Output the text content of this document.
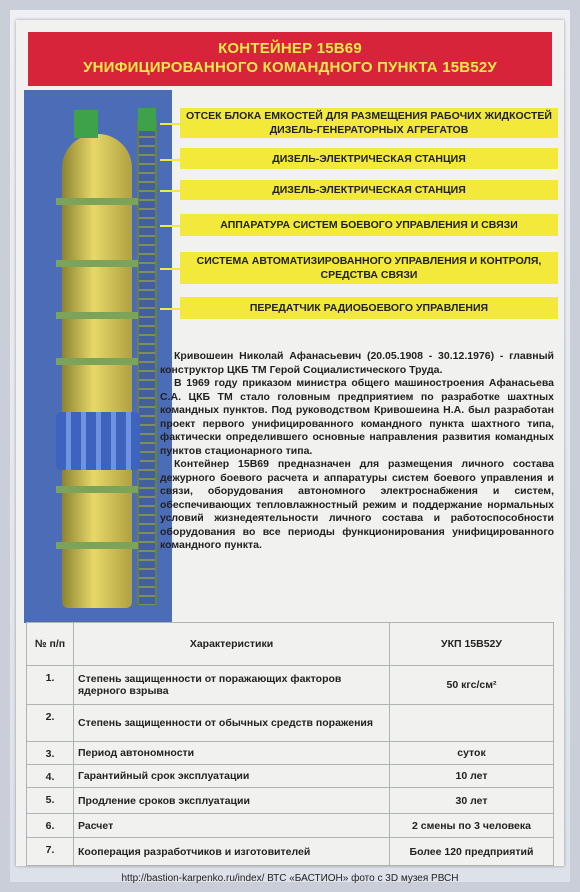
КОНТЕЙНЕР 15В69
УНИФИЦИРОВАННОГО КОМАНДНОГО ПУНКТА 15В52У
ОТСЕК БЛОКА ЕМКОСТЕЙ ДЛЯ РАЗМЕЩЕНИЯ РАБОЧИХ ЖИДКОСТЕЙ ДИЗЕЛЬ-ГЕНЕРАТОРНЫХ АГРЕГАТОВ
ДИЗЕЛЬ-ЭЛЕКТРИЧЕСКАЯ СТАНЦИЯ
ДИЗЕЛЬ-ЭЛЕКТРИЧЕСКАЯ СТАНЦИЯ
АППАРАТУРА СИСТЕМ БОЕВОГО УПРАВЛЕНИЯ И СВЯЗИ
СИСТЕМА АВТОМАТИЗИРОВАННОГО УПРАВЛЕНИЯ И КОНТРОЛЯ, СРЕДСТВА СВЯЗИ
ПЕРЕДАТЧИК РАДИОБОЕВОГО УПРАВЛЕНИЯ

Кривошеин Николай Афанасьевич (20.05.1908 - 30.12.1976) - главный конструктор ЦКБ ТМ Герой Социалистического Труда.

В 1969 году приказом министра общего машиностроения Афанасьева С.А. ЦКБ ТМ стало головным предприятием по разработке шахтных командных пунктов. Под руководством Кривошеина Н.А. был разработан проект первого унифицированного командного пункта шахтного типа, фактически определившего основные направления развития командных пунктов стационарного типа.

Контейнер 15В69 предназначен для размещения личного состава дежурного боевого расчета и аппаратуры систем боевого управления и связи, оборудования автономного электроснабжения и систем, обеспечивающих тепловлажностный режим и поддержание нормальных условий жизнедеятельности личного состава и работоспособности оборудования во все периоды функционирования унифицированного командного пункта.

№ п/п	Характеристики	УКП 15В52У
1.	Степень защищенности от поражающих факторов ядерного взрыва	50 кгс/см²
2.	Степень защищенности от обычных средств поражения	
3.	Период автономности	суток
4.	Гарантийный срок эксплуатации	10 лет
5.	Продление сроков эксплуатации	30 лет
6.	Расчет	2 смены по 3 человека
7.	Кооперация разработчиков и изготовителей	Более 120 предприятий
http://bastion-karpenko.ru/index/ ВТС «БАСТИОН» фото с 3D музея РВСН
